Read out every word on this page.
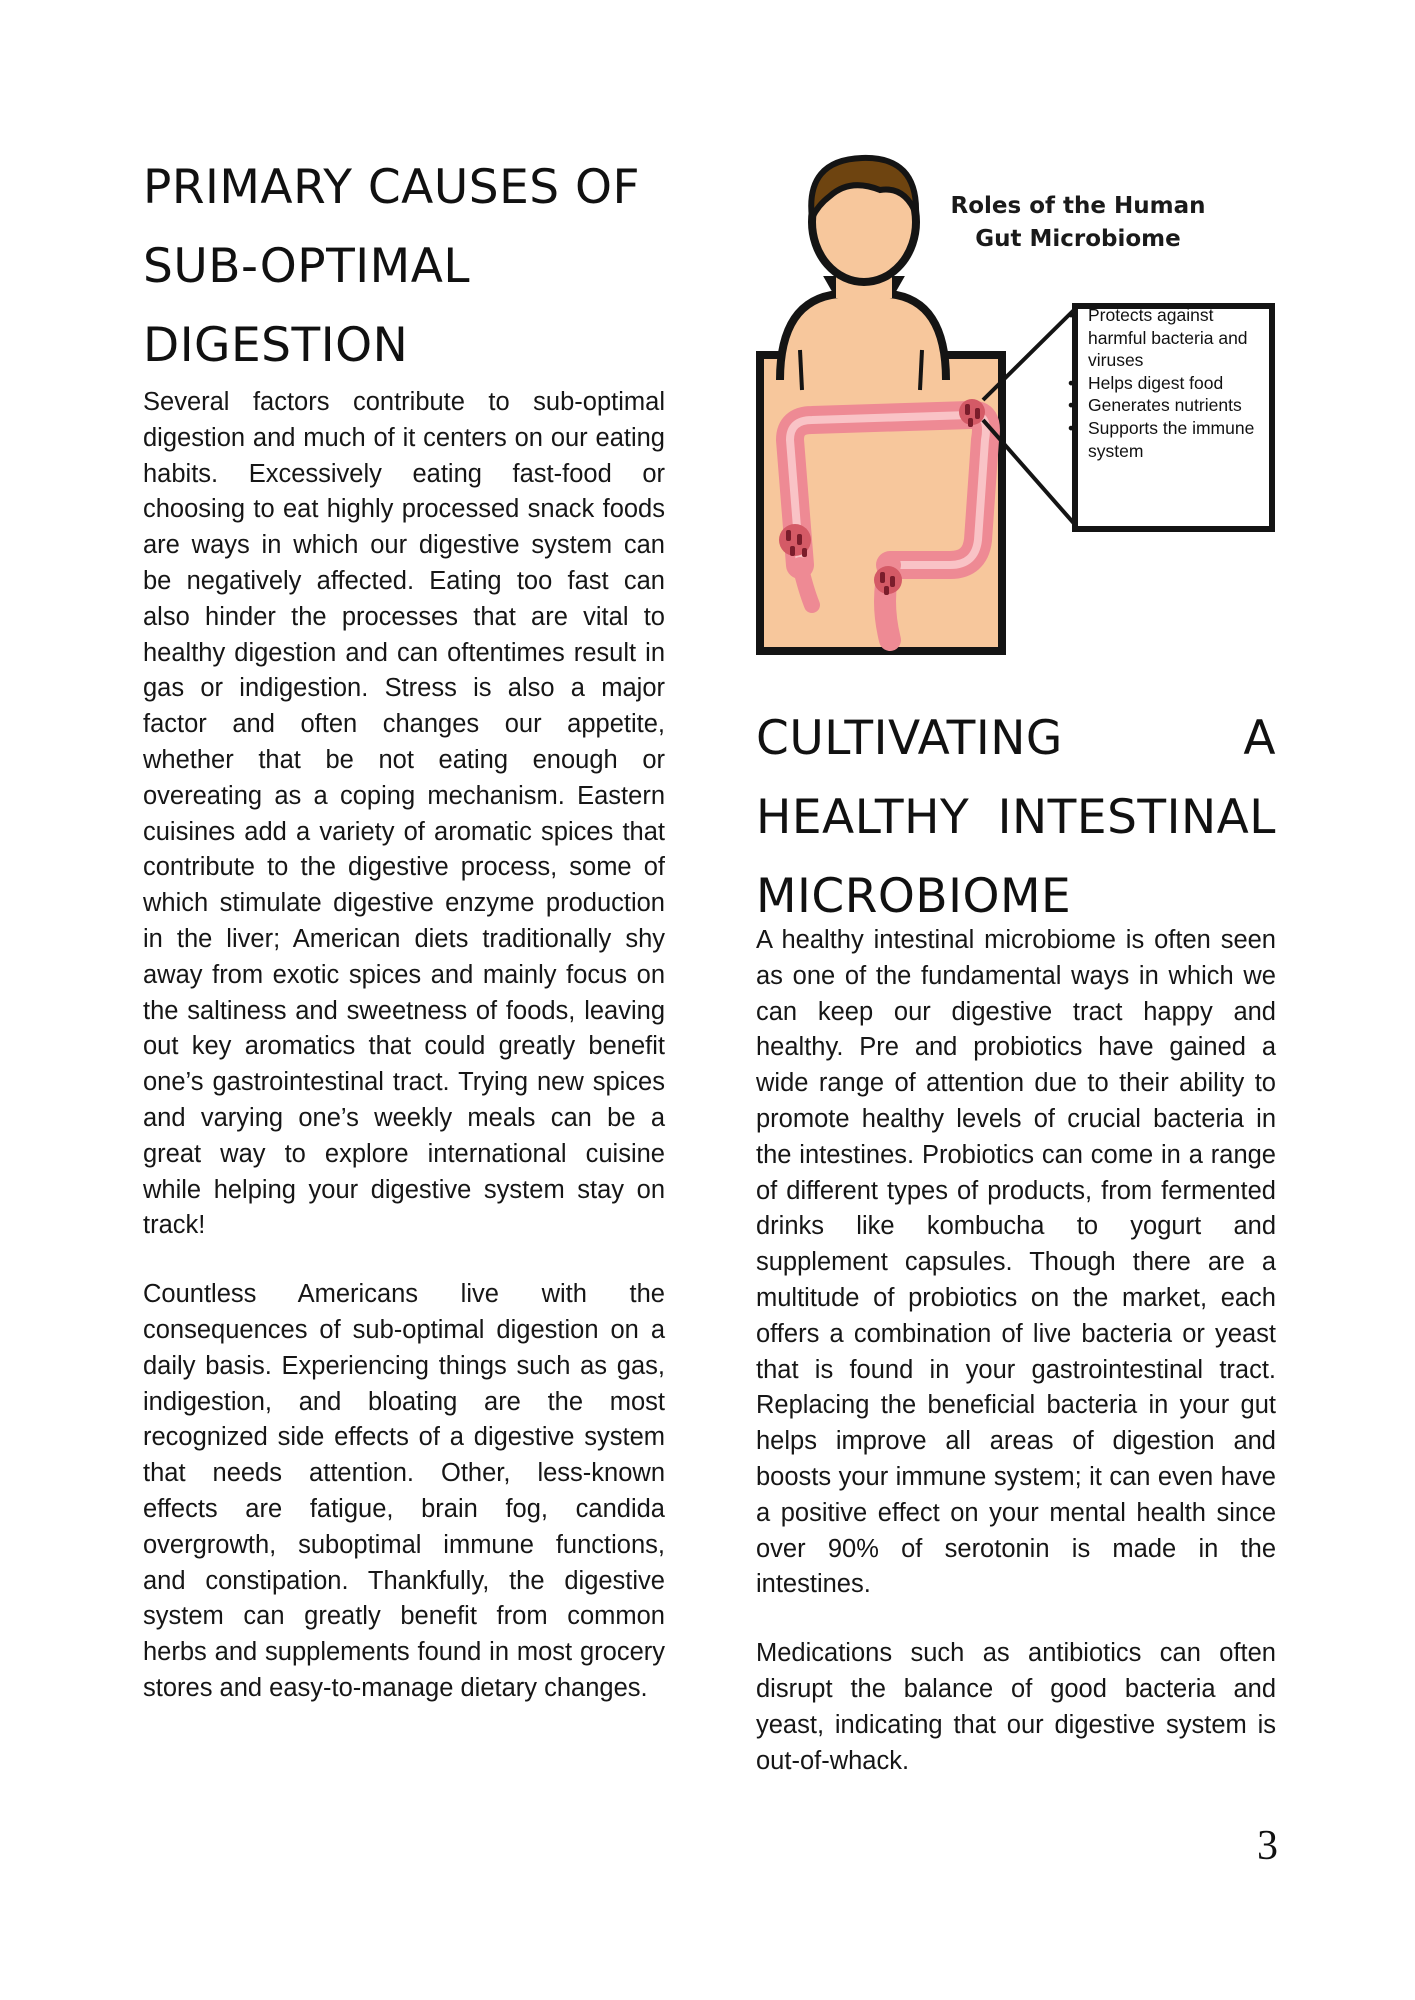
PRIMARY CAUSES OF SUB-OPTIMAL DIGESTION

Several factors contribute to sub-optimal digestion and much of it centers on our eating habits. Excessively eating fast-food or choosing to eat highly processed snack foods are ways in which our digestive system can be negatively affected. Eating too fast can also hinder the processes that are vital to healthy digestion and can oftentimes result in gas or indigestion. Stress is also a major factor and often changes our appetite, whether that be not eating enough or overeating as a coping mechanism. Eastern cuisines add a variety of aromatic spices that contribute to the digestive process, some of which stimulate digestive enzyme production in the liver; American diets traditionally shy away from exotic spices and mainly focus on the saltiness and sweetness of foods, leaving out key aromatics that could greatly benefit one’s gastrointestinal tract. Trying new spices and varying one’s weekly meals can be a great way to explore international cuisine while helping your digestive system stay on track!

Countless Americans live with the consequences of sub-optimal digestion on a daily basis. Experiencing things such as gas, indigestion, and bloating are the most recognized side effects of a digestive system that needs attention. Other, less-known effects are fatigue, brain fog, candida overgrowth, suboptimal immune functions, and constipation. Thankfully, the digestive system can greatly benefit from common herbs and supplements found in most grocery stores and easy-to-manage dietary changes.

Roles of the Human
Gut Microbiome
• Protects against harmful bacteria and viruses
• Helps digest food
• Generates nutrients
• Supports the immune system
CULTIVATING A HEALTHY INTESTINAL MICROBIOME

A healthy intestinal microbiome is often seen as one of the fundamental ways in which we can keep our digestive tract happy and healthy. Pre and probiotics have gained a wide range of attention due to their ability to promote healthy levels of crucial bacteria in the intestines. Probiotics can come in a range of different types of products, from fermented drinks like kombucha to yogurt and supplement capsules. Though there are a multitude of probiotics on the market, each offers a combination of live bacteria or yeast that is found in your gastrointestinal tract. Replacing the beneficial bacteria in your gut helps improve all areas of digestion and boosts your immune system; it can even have a positive effect on your mental health since over 90% of serotonin is made in the intestines.

Medications such as antibiotics can often disrupt the balance of good bacteria and yeast, indicating that our digestive system is out-of-whack.

3
